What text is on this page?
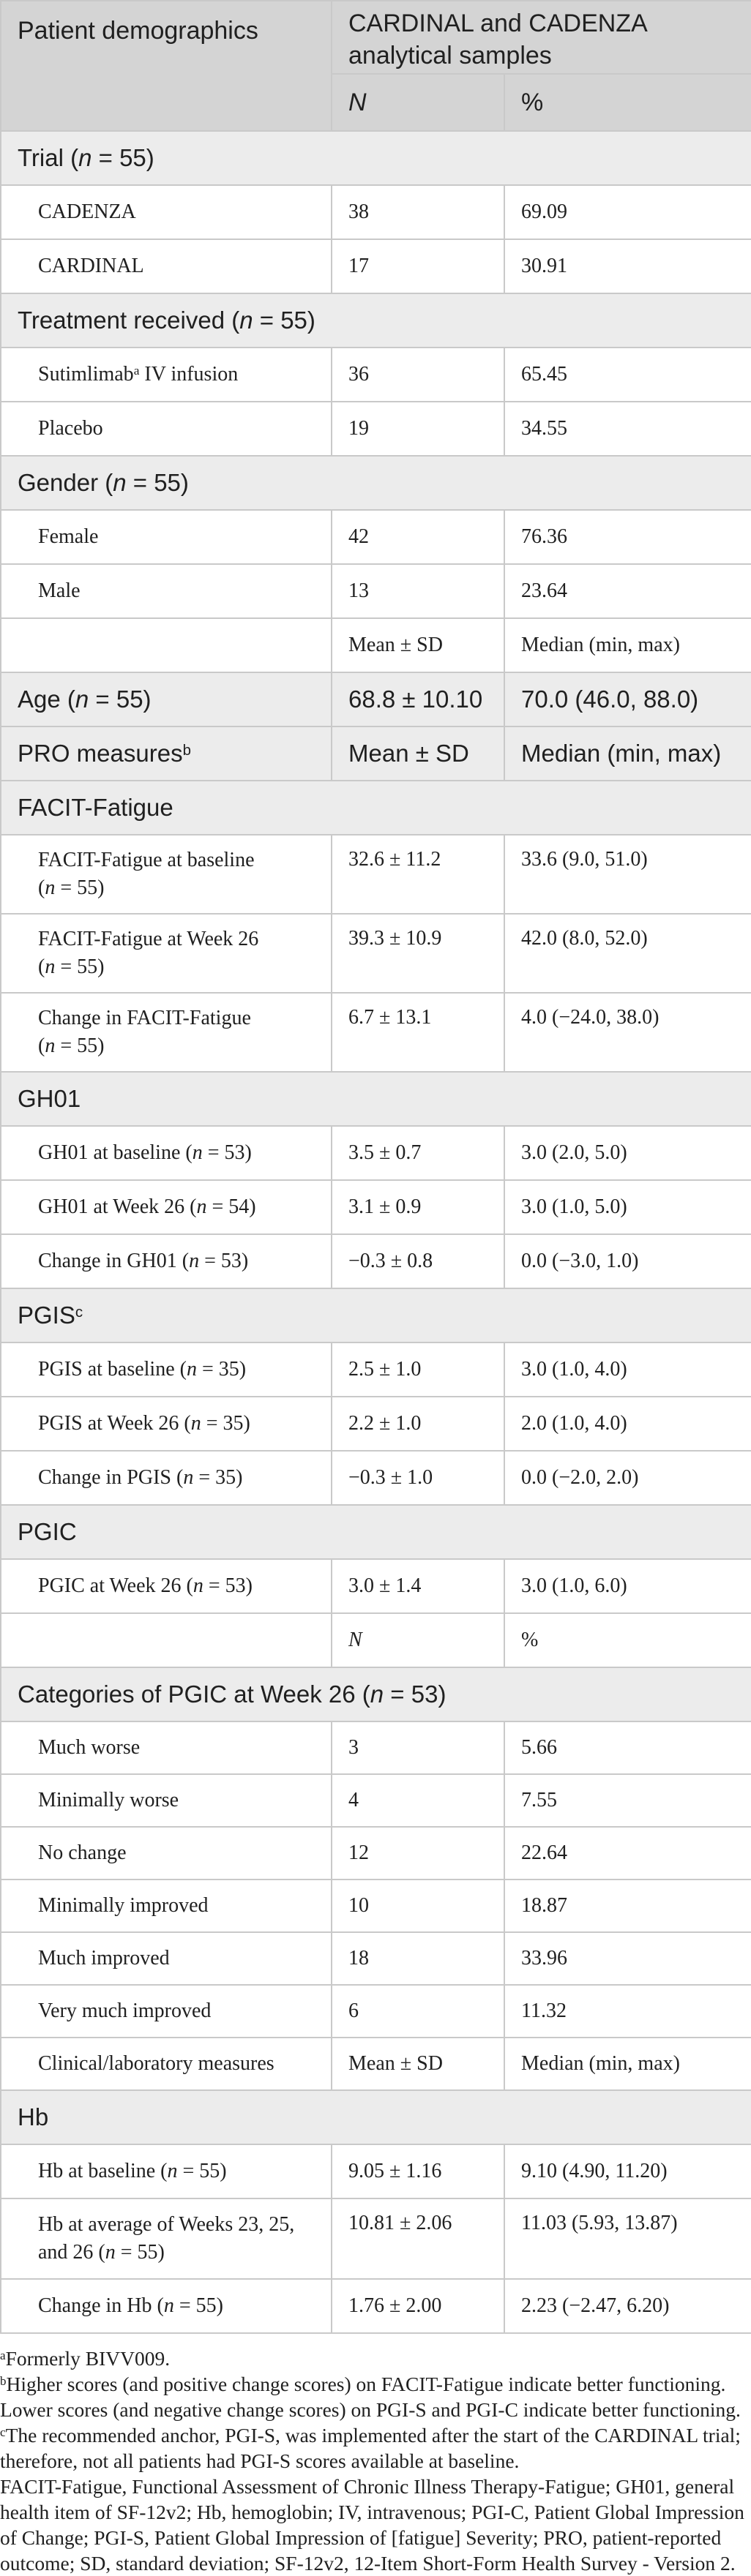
Patient demographics	CARDINAL and CADENZA analytical samples	
	N	%
Trial (n = 55)		
CADENZA	38	69.09
CARDINAL	17	30.91
Treatment received (n = 55)		
Sutimlimab$^a$ IV infusion	36	65.45
Placebo	19	34.55
Gender (n = 55)		
Female	42	76.36
Male	13	23.64
	Mean ± SD	Median (min, max)
Age (n = 55)	68.8 ± 10.10	70.0 (46.0, 88.0)
PRO measures$^b$	Mean ± SD	Median (min, max)
FACIT-Fatigue		
FACIT-Fatigue at baseline
(n = 55)	32.6 ± 11.2	33.6 (9.0, 51.0)
FACIT-Fatigue at Week 26
(n = 55)	39.3 ± 10.9	42.0 (8.0, 52.0)
Change in FACIT-Fatigue
(n = 55)	6.7 ± 13.1	4.0 (−24.0, 38.0)
GH01		
GH01 at baseline (n = 53)	3.5 ± 0.7	3.0 (2.0, 5.0)
GH01 at Week 26 (n = 54)	3.1 ± 0.9	3.0 (1.0, 5.0)
Change in GH01 (n = 53)	−0.3 ± 0.8	0.0 (−3.0, 1.0)
PGIS$^c$
PGIS at baseline (n = 35)	2.5 ± 1.0	3.0 (1.0, 4.0)
PGIS at Week 26 (n = 35)	2.2 ± 1.0	2.0 (1.0, 4.0)
Change in PGIS (n = 35)	−0.3 ± 1.0	0.0 (−2.0, 2.0)
PGIC		
PGIC at Week 26 (n = 53)	3.0 ± 1.4	3.0 (1.0, 6.0)
	N	%
Categories of PGIC at Week 26 (n = 53)		
Much worse	3	5.66
Minimally worse	4	7.55
No change	12	22.64
Minimally improved	10	18.87
Much improved	18	33.96
Very much improved	6	11.32
Clinical/laboratory measures	Mean ± SD	Median (min, max)
Hb		
Hb at baseline (n = 55)	9.05 ± 1.16	9.10 (4.90, 11.20)
Hb at average of Weeks 23, 25,
and 26 (n = 55)	10.81 ± 2.06	11.03 (5.93, 13.87)
Change in Hb (n = 55)	1.76 ± 2.00	2.23 (−2.47, 6.20)

$^a$Formerly BIVV009.

$^b$Higher scores (and positive change scores) on FACIT-Fatigue indicate better functioning.
Lower scores (and negative change scores) on PGI-S and PGI-C indicate better functioning.

$^c$The recommended anchor, PGI-S, was implemented after the start of the CARDINAL trial;
therefore, not all patients had PGI-S scores available at baseline.

FACIT-Fatigue, Functional Assessment of Chronic Illness Therapy-Fatigue; GH01, general
health item of SF-12v2; Hb, hemoglobin; IV, intravenous; PGI-C, Patient Global Impression
of Change; PGI-S, Patient Global Impression of [fatigue] Severity; PRO, patient-reported
outcome; SD, standard deviation; SF-12v2, 12-Item Short-Form Health Survey - Version 2.
